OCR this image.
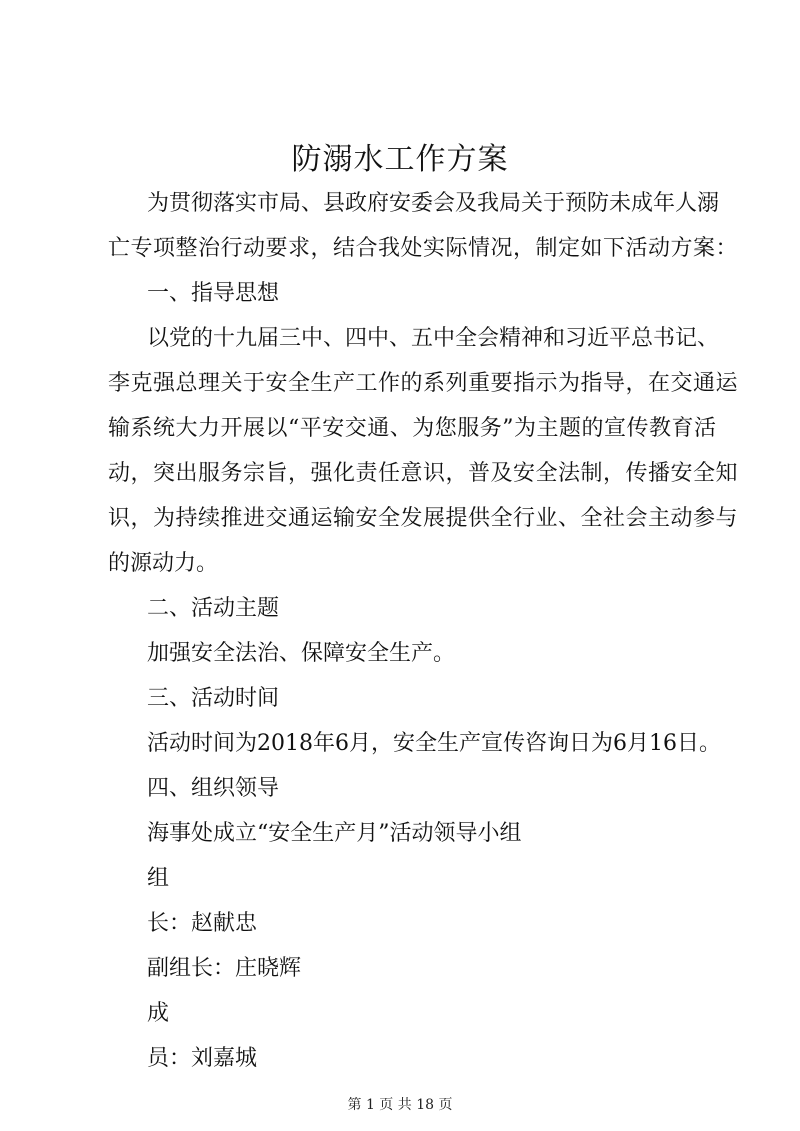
防溺水工作方案

为贯彻落实市局、县政府安委会及我局关于预防未成年人溺

亡专项整治行动要求，结合我处实际情况，制定如下活动方案：

一、指导思想

以党的十九届三中、四中、五中全会精神和习近平总书记、

李克强总理关于安全生产工作的系列重要指示为指导，在交通运

输系统大力开展以“平安交通、为您服务”为主题的宣传教育活

动，突出服务宗旨，强化责任意识，普及安全法制，传播安全知

识，为持续推进交通运输安全发展提供全行业、全社会主动参与

的源动力。

二、活动主题

加强安全法治、保障安全生产。

三、活动时间

活动时间为2018年6月，安全生产宣传咨询日为6月16日。

四、组织领导

海事处成立“安全生产月”活动领导小组

组

长：赵献忠

副组长：庄晓辉

成

员：刘嘉城

第 1 页 共 18 页
